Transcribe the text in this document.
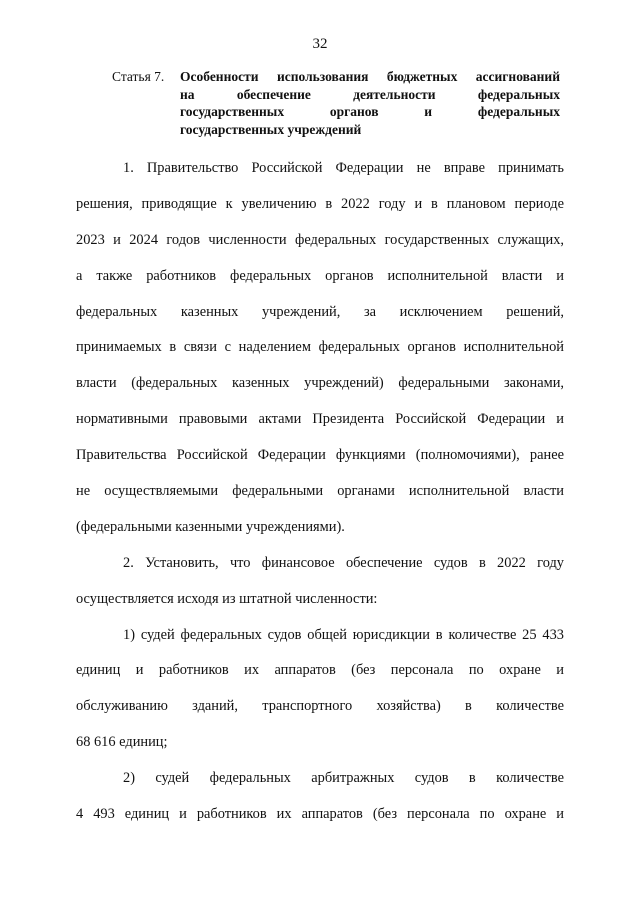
32
Статья 7.	Особенности использования бюджетных ассигнований
на обеспечение деятельности федеральных
государственных органов и федеральных
государственных учреждений
1. Правительство Российской Федерации не вправе принимать
решения, приводящие к увеличению в 2022 году и в плановом периоде
2023 и 2024 годов численности федеральных государственных служащих,
а также работников федеральных органов исполнительной власти и
федеральных казенных учреждений, за исключением решений,
принимаемых в связи с наделением федеральных органов исполнительной
власти (федеральных казенных учреждений) федеральными законами,
нормативными правовыми актами Президента Российской Федерации и
Правительства Российской Федерации функциями (полномочиями), ранее
не осуществляемыми федеральными органами исполнительной власти
(федеральными казенными учреждениями).
2. Установить, что финансовое обеспечение судов в 2022 году
осуществляется исходя из штатной численности:
1) судей федеральных судов общей юрисдикции в количестве 25 433
единиц и работников их аппаратов (без персонала по охране и
обслуживанию зданий, транспортного хозяйства) в количестве
68 616 единиц;
2) судей федеральных арбитражных судов в количестве
4 493 единиц и работников их аппаратов (без персонала по охране и
